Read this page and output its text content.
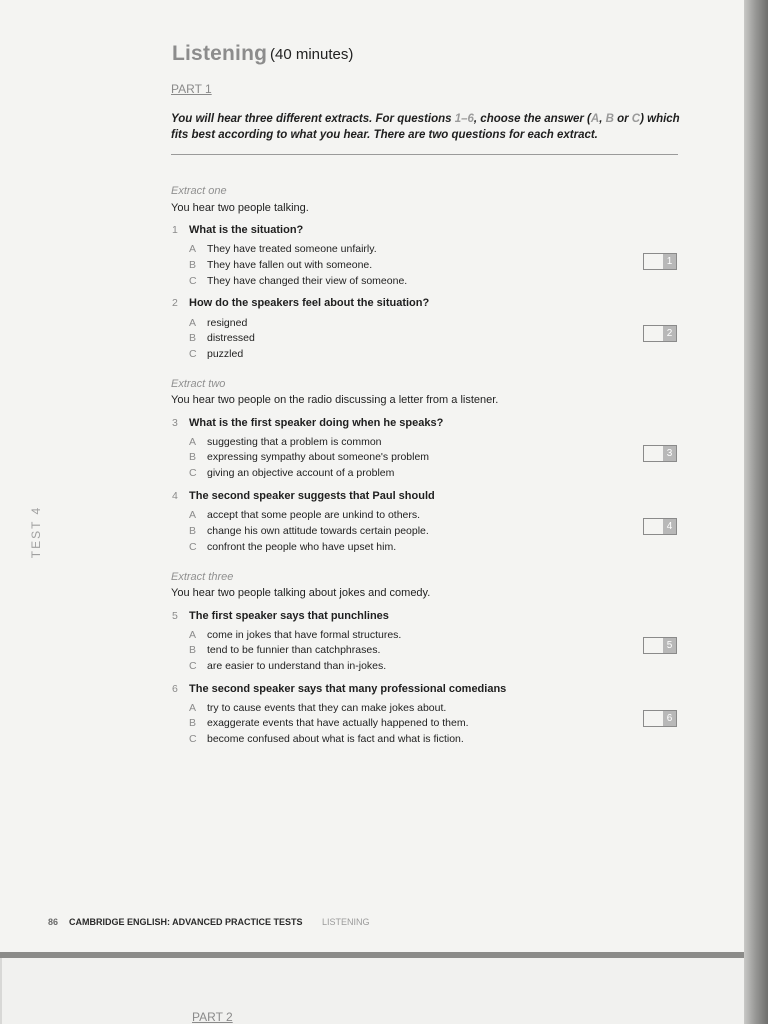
Listening (40 minutes)
PART 1
You will hear three different extracts. For questions 1–6, choose the answer (A, B or C) which
fits best according to what you hear. There are two questions for each extract.
Extract one
You hear two people talking.
1 What is the situation?
A They have treated someone unfairly.
B They have fallen out with someone.
C They have changed their view of someone.
1
2 How do the speakers feel about the situation?
A resigned
B distressed
C puzzled
2
Extract two
You hear two people on the radio discussing a letter from a listener.
3 What is the first speaker doing when he speaks?
A suggesting that a problem is common
B expressing sympathy about someone's problem
C giving an objective account of a problem
3
4 The second speaker suggests that Paul should
A accept that some people are unkind to others.
B change his own attitude towards certain people.
C confront the people who have upset him.
4
Extract three
You hear two people talking about jokes and comedy.
5 The first speaker says that punchlines
A come in jokes that have formal structures.
B tend to be funnier than catchphrases.
C are easier to understand than in-jokes.
5
6 The second speaker says that many professional comedians
A try to cause events that they can make jokes about.
B exaggerate events that have actually happened to them.
C become confused about what is fact and what is fiction.
6
TEST 4
86 CAMBRIDGE ENGLISH: ADVANCED PRACTICE TESTS LISTENING
PART 2
